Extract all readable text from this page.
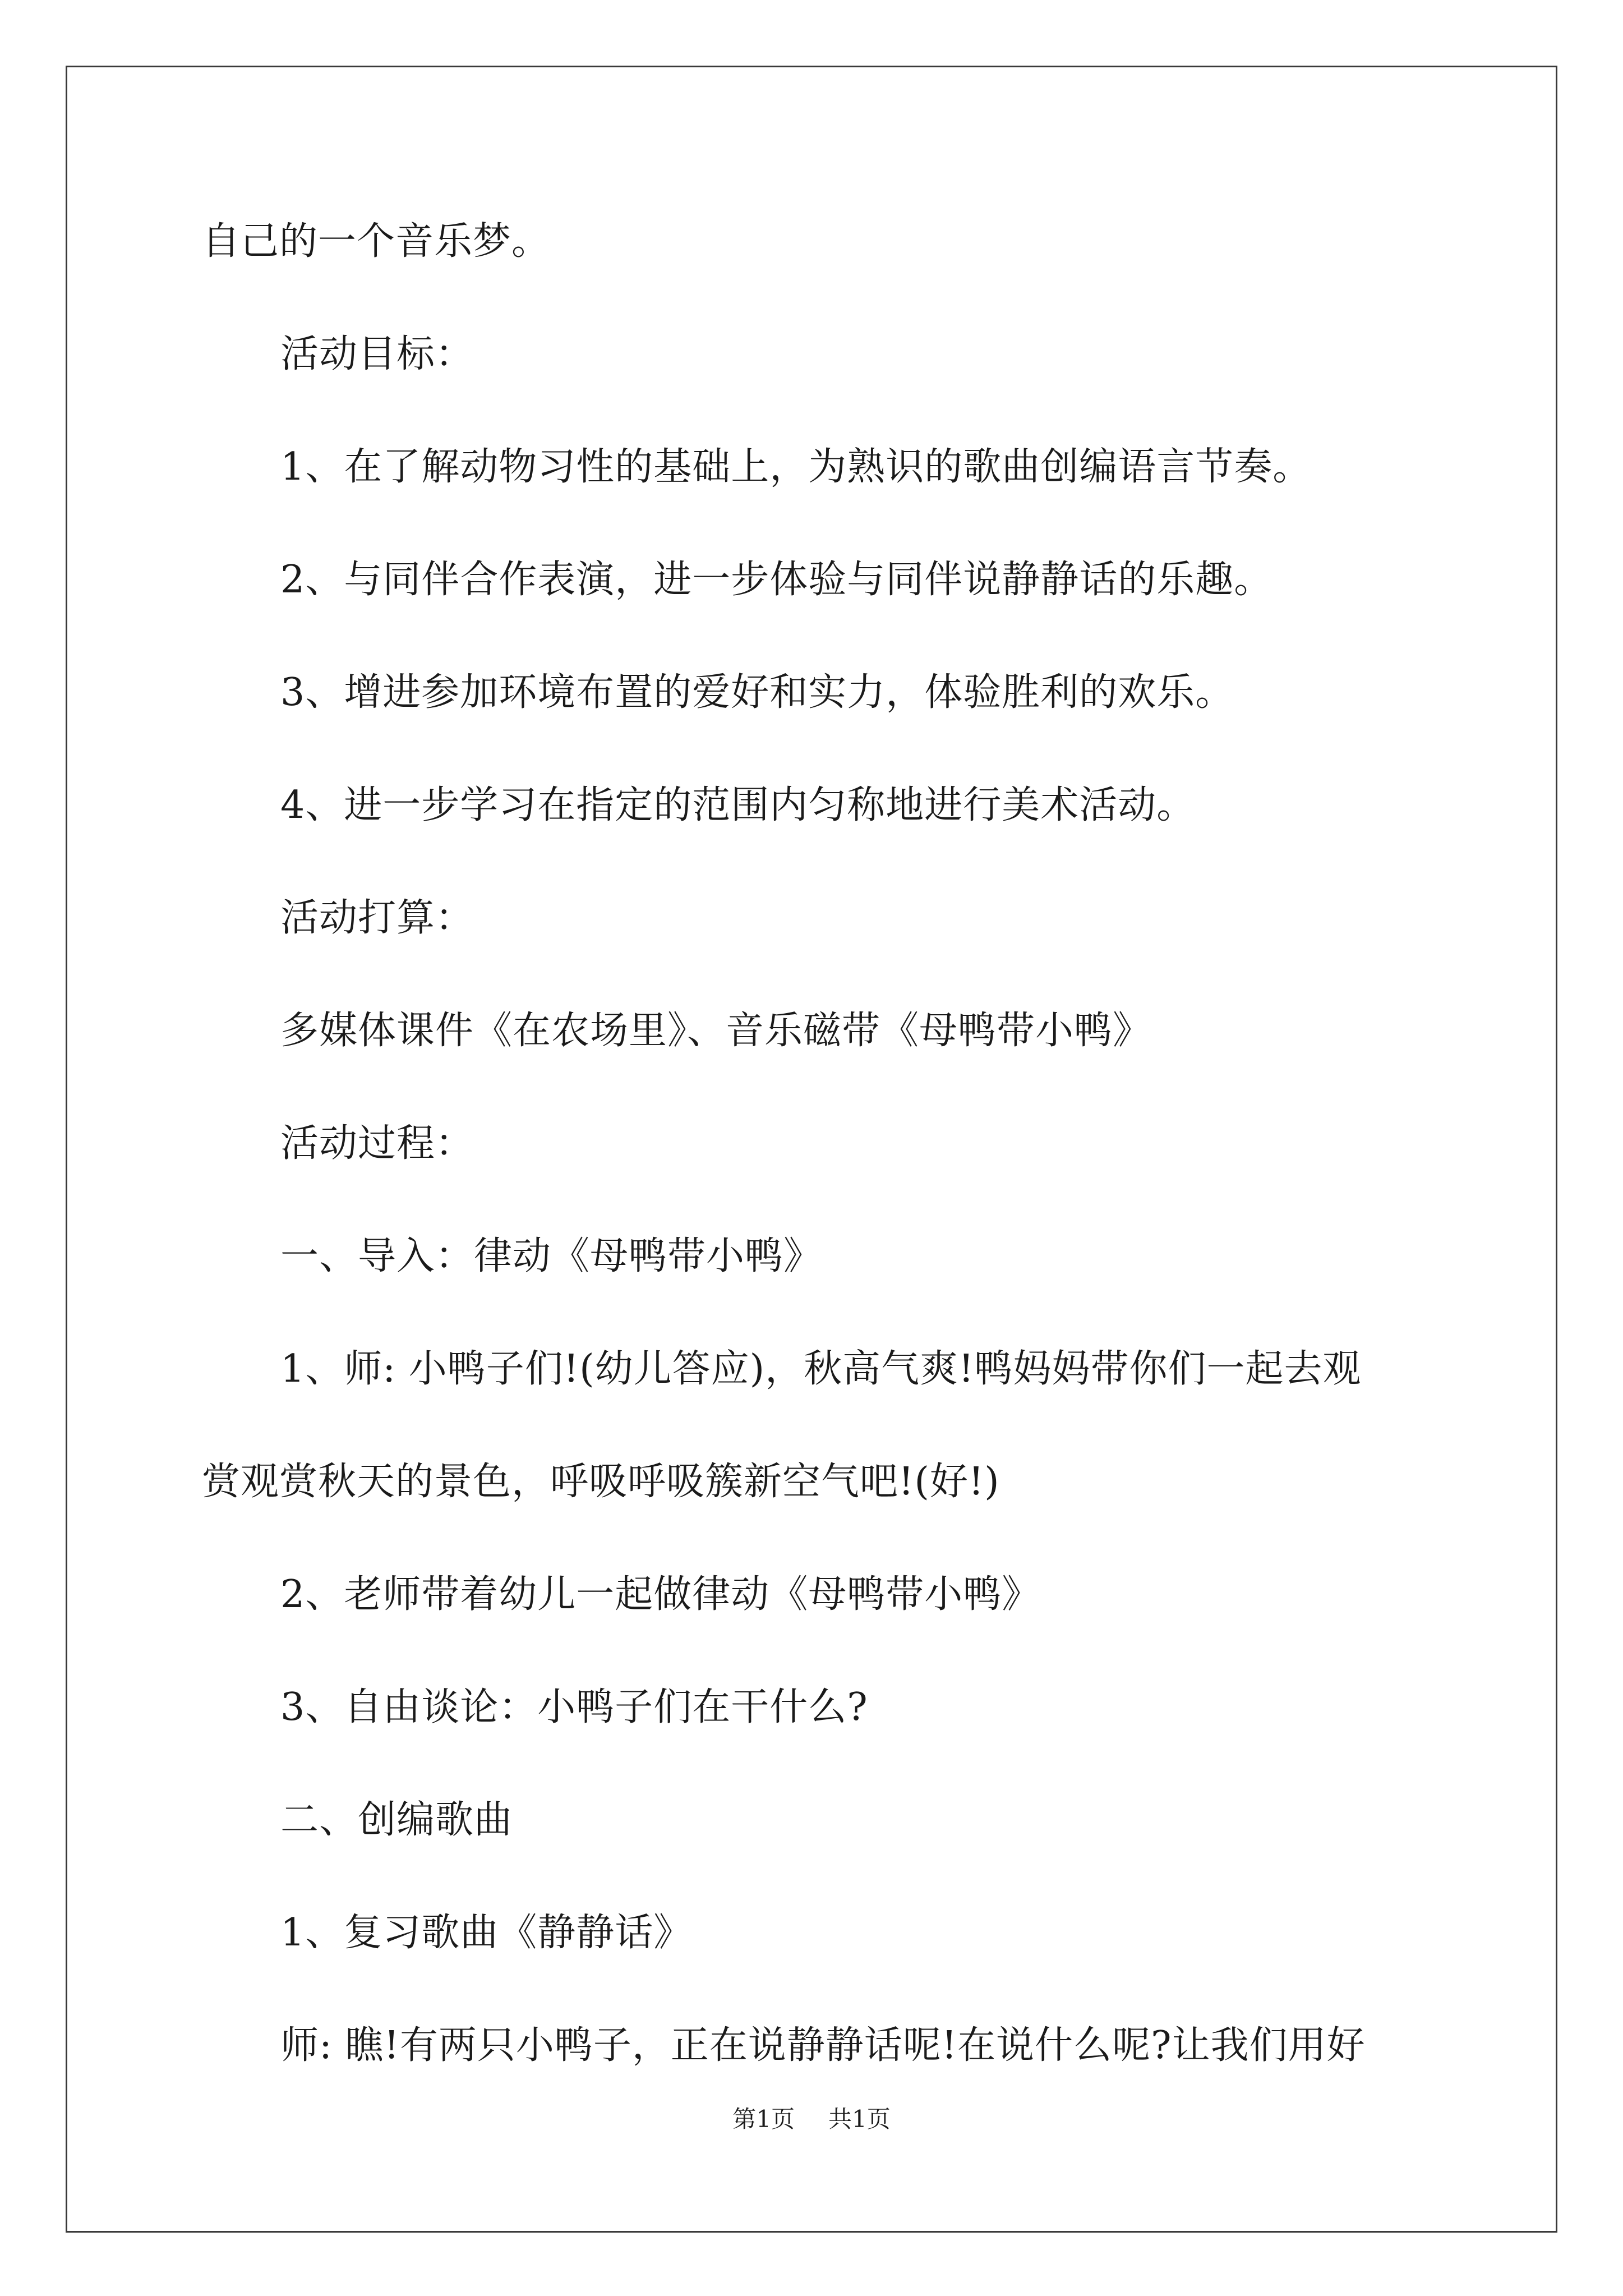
自己的一个音乐梦。

活动目标：

1、在了解动物习性的基础上，为熟识的歌曲创编语言节奏。

2、与同伴合作表演，进一步体验与同伴说静静话的乐趣。

3、增进参加环境布置的爱好和实力，体验胜利的欢乐。

4、进一步学习在指定的范围内匀称地进行美术活动。

活动打算：

多媒体课件《在农场里》、音乐磁带《母鸭带小鸭》

活动过程：

一、导入：律动《母鸭带小鸭》

1、师: 小鸭子们!(幼儿答应)，秋高气爽!鸭妈妈带你们一起去观

赏观赏秋天的景色，呼吸呼吸簇新空气吧!(好!)

2、老师带着幼儿一起做律动《母鸭带小鸭》

3、自由谈论：小鸭子们在干什么?

二、创编歌曲

1、复习歌曲《静静话》

师: 瞧!有两只小鸭子，正在说静静话呢!在说什么呢?让我们用好

第1页 共1页
